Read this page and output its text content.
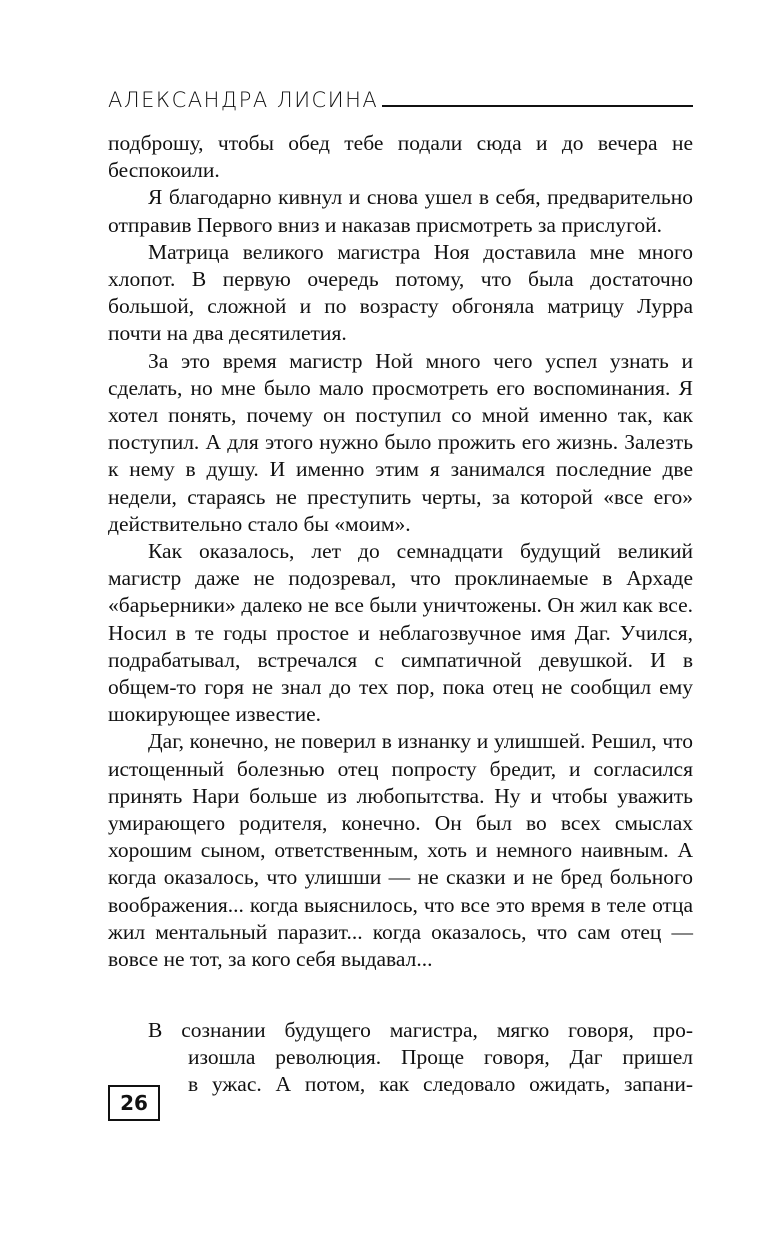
АЛЕКСАНДРА ЛИСИНА

подброшу, чтобы обед тебе подали сюда и до вечера не беспокоили.

Я благодарно кивнул и снова ушел в себя, предварительно отправив Первого вниз и наказав присмотреть за прислугой.

Матрица великого магистра Ноя доставила мне много хлопот. В первую очередь потому, что была достаточно большой, сложной и по возрасту обгоняла матрицу Лурра почти на два десятилетия.

За это время магистр Ной много чего успел узнать и сделать, но мне было мало просмотреть его воспоминания. Я хотел понять, почему он поступил со мной именно так, как поступил. А для этого нужно было прожить его жизнь. Залезть к нему в душу. И именно этим я занимался последние две недели, стараясь не преступить черты, за которой «все его» действительно стало бы «моим».

Как оказалось, лет до семнадцати будущий великий магистр даже не подозревал, что проклинаемые в Архаде «барьерники» далеко не все были уничтожены. Он жил как все. Носил в те годы простое и неблагозвучное имя Даг. Учился, подрабатывал, встречался с симпатичной девушкой. И в общем-то горя не знал до тех пор, пока отец не сообщил ему шокирующее известие.

Даг, конечно, не поверил в изнанку и улишшей. Решил, что истощенный болезнью отец попросту бредит, и согласился принять Нари больше из любопытства. Ну и чтобы уважить умирающего родителя, конечно. Он был во всех смыслах хорошим сыном, ответственным, хоть и немного наивным. А когда оказалось, что улишши — не сказки и не бред больного воображения... когда выяснилось, что все это время в теле отца жил ментальный паразит... когда оказалось, что сам отец — вовсе не тот, за кого себя выдавал...

В сознании будущего магистра, мягко говоря, про-

изошла революция. Проще говоря, Даг пришел

в ужас. А потом, как следовало ожидать, запани-

26
